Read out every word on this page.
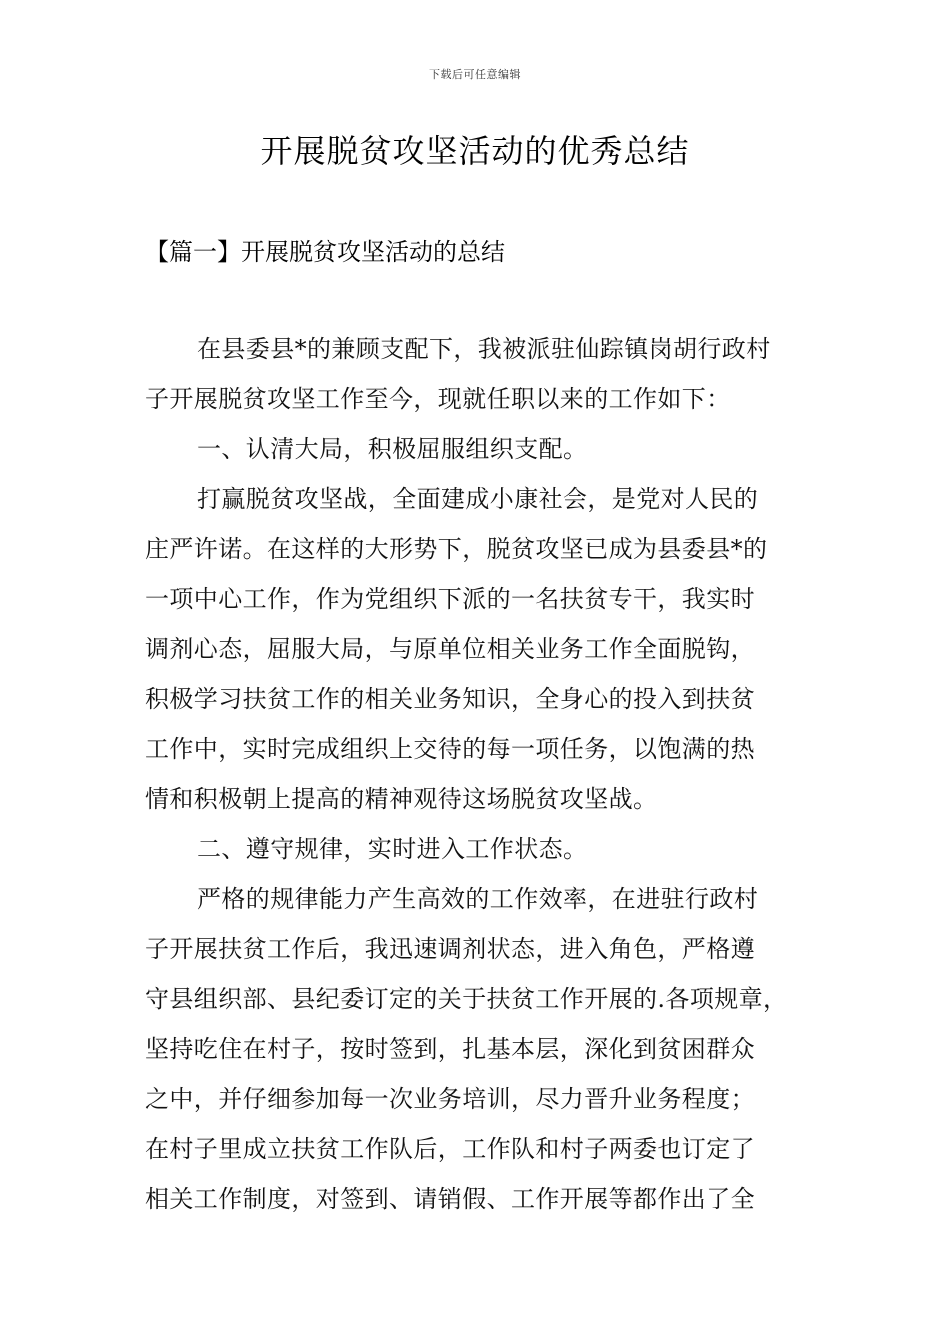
下载后可任意编辑
开展脱贫攻坚活动的优秀总结
【篇一】开展脱贫攻坚活动的总结
在县委县*的兼顾支配下，我被派驻仙踪镇岗胡行政村
子开展脱贫攻坚工作至今，现就任职以来的工作如下：
一、认清大局，积极屈服组织支配。
打赢脱贫攻坚战，全面建成小康社会，是党对人民的
庄严许诺。在这样的大形势下，脱贫攻坚已成为县委县*的
一项中心工作，作为党组织下派的一名扶贫专干，我实时
调剂心态，屈服大局，与原单位相关业务工作全面脱钩，
积极学习扶贫工作的相关业务知识，全身心的投入到扶贫
工作中，实时完成组织上交待的每一项任务，以饱满的热
情和积极朝上提高的精神观待这场脱贫攻坚战。
二、遵守规律，实时进入工作状态。
严格的规律能力产生高效的工作效率，在进驻行政村
子开展扶贫工作后，我迅速调剂状态，进入角色，严格遵
守县组织部、县纪委订定的关于扶贫工作开展的.各项规章，
坚持吃住在村子，按时签到，扎基本层，深化到贫困群众
之中，并仔细参加每一次业务培训，尽力晋升业务程度；
在村子里成立扶贫工作队后，工作队和村子两委也订定了
相关工作制度，对签到、请销假、工作开展等都作出了全
